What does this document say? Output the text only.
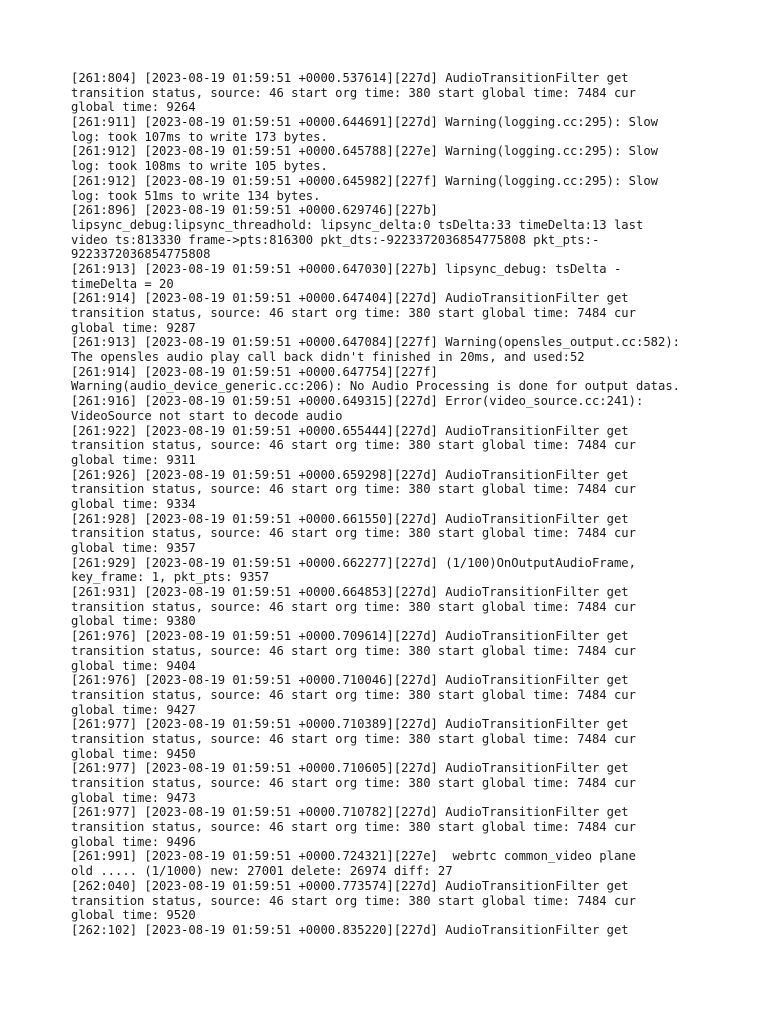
[261:804] [2023-08-19 01:59:51 +0000.537614][227d] AudioTransitionFilter get
transition status, source: 46 start org time: 380 start global time: 7484 cur
global time: 9264
[261:911] [2023-08-19 01:59:51 +0000.644691][227d] Warning(logging.cc:295): Slow
log: took 107ms to write 173 bytes.
[261:912] [2023-08-19 01:59:51 +0000.645788][227e] Warning(logging.cc:295): Slow
log: took 108ms to write 105 bytes.
[261:912] [2023-08-19 01:59:51 +0000.645982][227f] Warning(logging.cc:295): Slow
log: took 51ms to write 134 bytes.
[261:896] [2023-08-19 01:59:51 +0000.629746][227b]
lipsync_debug:lipsync_threadhold: lipsync_delta:0 tsDelta:33 timeDelta:13 last
video ts:813330 frame->pts:816300 pkt_dts:-9223372036854775808 pkt_pts:-
9223372036854775808
[261:913] [2023-08-19 01:59:51 +0000.647030][227b] lipsync_debug: tsDelta -
timeDelta = 20
[261:914] [2023-08-19 01:59:51 +0000.647404][227d] AudioTransitionFilter get
transition status, source: 46 start org time: 380 start global time: 7484 cur
global time: 9287
[261:913] [2023-08-19 01:59:51 +0000.647084][227f] Warning(opensles_output.cc:582):
The opensles audio play call back didn't finished in 20ms, and used:52
[261:914] [2023-08-19 01:59:51 +0000.647754][227f]
Warning(audio_device_generic.cc:206): No Audio Processing is done for output datas.
[261:916] [2023-08-19 01:59:51 +0000.649315][227d] Error(video_source.cc:241):
VideoSource not start to decode audio
[261:922] [2023-08-19 01:59:51 +0000.655444][227d] AudioTransitionFilter get
transition status, source: 46 start org time: 380 start global time: 7484 cur
global time: 9311
[261:926] [2023-08-19 01:59:51 +0000.659298][227d] AudioTransitionFilter get
transition status, source: 46 start org time: 380 start global time: 7484 cur
global time: 9334
[261:928] [2023-08-19 01:59:51 +0000.661550][227d] AudioTransitionFilter get
transition status, source: 46 start org time: 380 start global time: 7484 cur
global time: 9357
[261:929] [2023-08-19 01:59:51 +0000.662277][227d] (1/100)OnOutputAudioFrame,
key_frame: 1, pkt_pts: 9357
[261:931] [2023-08-19 01:59:51 +0000.664853][227d] AudioTransitionFilter get
transition status, source: 46 start org time: 380 start global time: 7484 cur
global time: 9380
[261:976] [2023-08-19 01:59:51 +0000.709614][227d] AudioTransitionFilter get
transition status, source: 46 start org time: 380 start global time: 7484 cur
global time: 9404
[261:976] [2023-08-19 01:59:51 +0000.710046][227d] AudioTransitionFilter get
transition status, source: 46 start org time: 380 start global time: 7484 cur
global time: 9427
[261:977] [2023-08-19 01:59:51 +0000.710389][227d] AudioTransitionFilter get
transition status, source: 46 start org time: 380 start global time: 7484 cur
global time: 9450
[261:977] [2023-08-19 01:59:51 +0000.710605][227d] AudioTransitionFilter get
transition status, source: 46 start org time: 380 start global time: 7484 cur
global time: 9473
[261:977] [2023-08-19 01:59:51 +0000.710782][227d] AudioTransitionFilter get
transition status, source: 46 start org time: 380 start global time: 7484 cur
global time: 9496
[261:991] [2023-08-19 01:59:51 +0000.724321][227e]  webrtc common_video plane
old ..... (1/1000) new: 27001 delete: 26974 diff: 27
[262:040] [2023-08-19 01:59:51 +0000.773574][227d] AudioTransitionFilter get
transition status, source: 46 start org time: 380 start global time: 7484 cur
global time: 9520
[262:102] [2023-08-19 01:59:51 +0000.835220][227d] AudioTransitionFilter get
